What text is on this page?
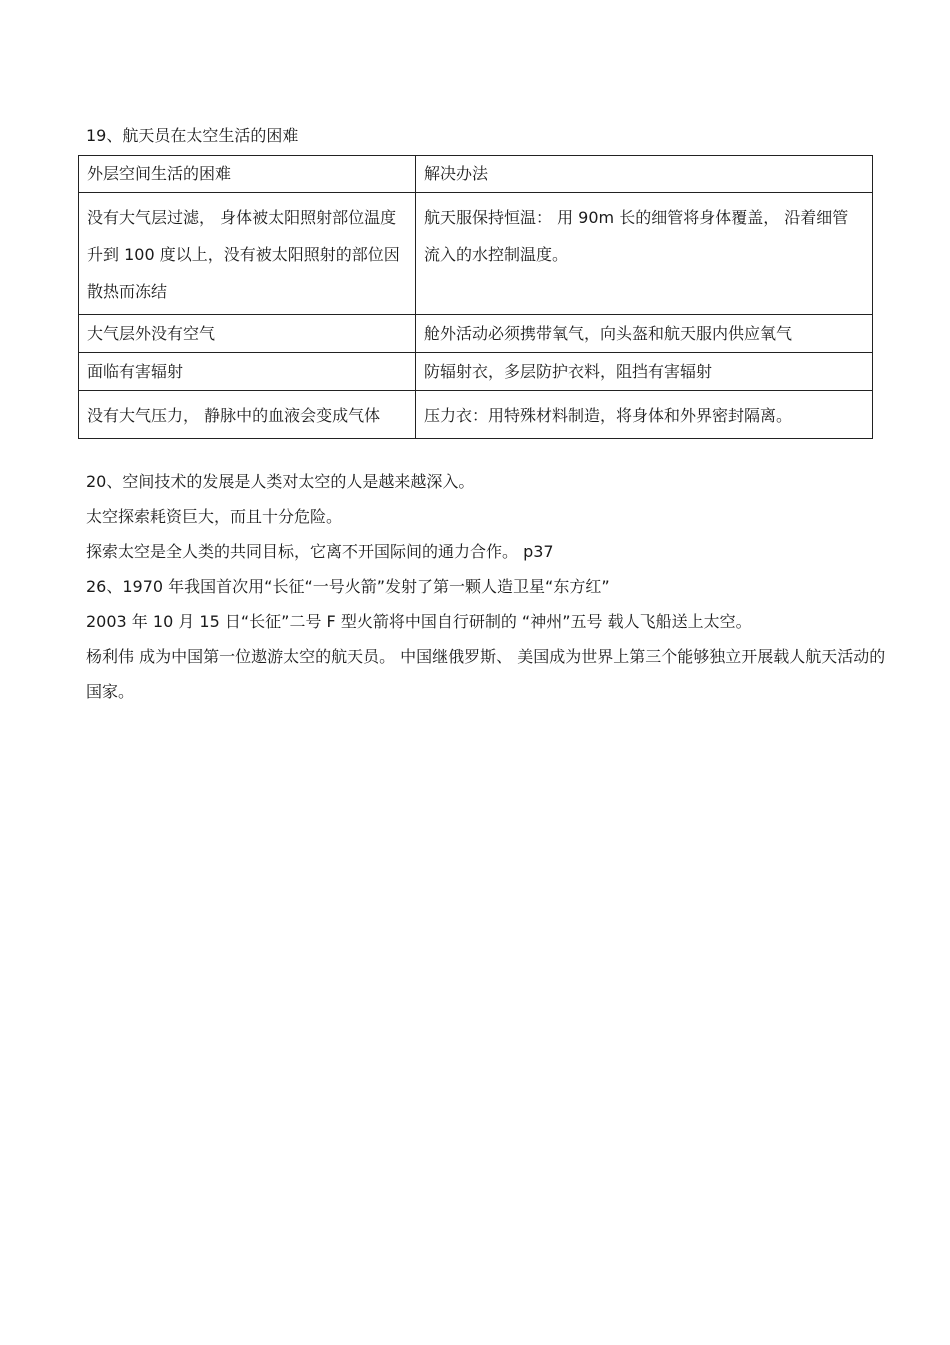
19、航天员在太空生活的困难
外层空间生活的困难	解决办法
没有大气层过滤， 身体被太阳照射部位温度升到 100 度以上，没有被太阳照射的部位因散热而冻结	航天服保持恒温： 用 90m 长的细管将身体覆盖， 沿着细管流入的水控制温度。
大气层外没有空气	舱外活动必须携带氧气，向头盔和航天服内供应氧气
面临有害辐射	防辐射衣，多层防护衣料，阻挡有害辐射
没有大气压力， 静脉中的血液会变成气体	压力衣：用特殊材料制造，将身体和外界密封隔离。

20、空间技术的发展是人类对太空的人是越来越深入。

太空探索耗资巨大，而且十分危险。

探索太空是全人类的共同目标，它离不开国际间的通力合作。 p37

26、1970 年我国首次用“长征“一号火箭”发射了第一颗人造卫星“东方红”

2003 年 10 月 15 日“长征”二号 F 型火箭将中国自行研制的 “神州”五号 载人飞船送上太空。

杨利伟 成为中国第一位遨游太空的航天员。 中国继俄罗斯、 美国成为世界上第三个能够独立开展载人航天活动的国家。
